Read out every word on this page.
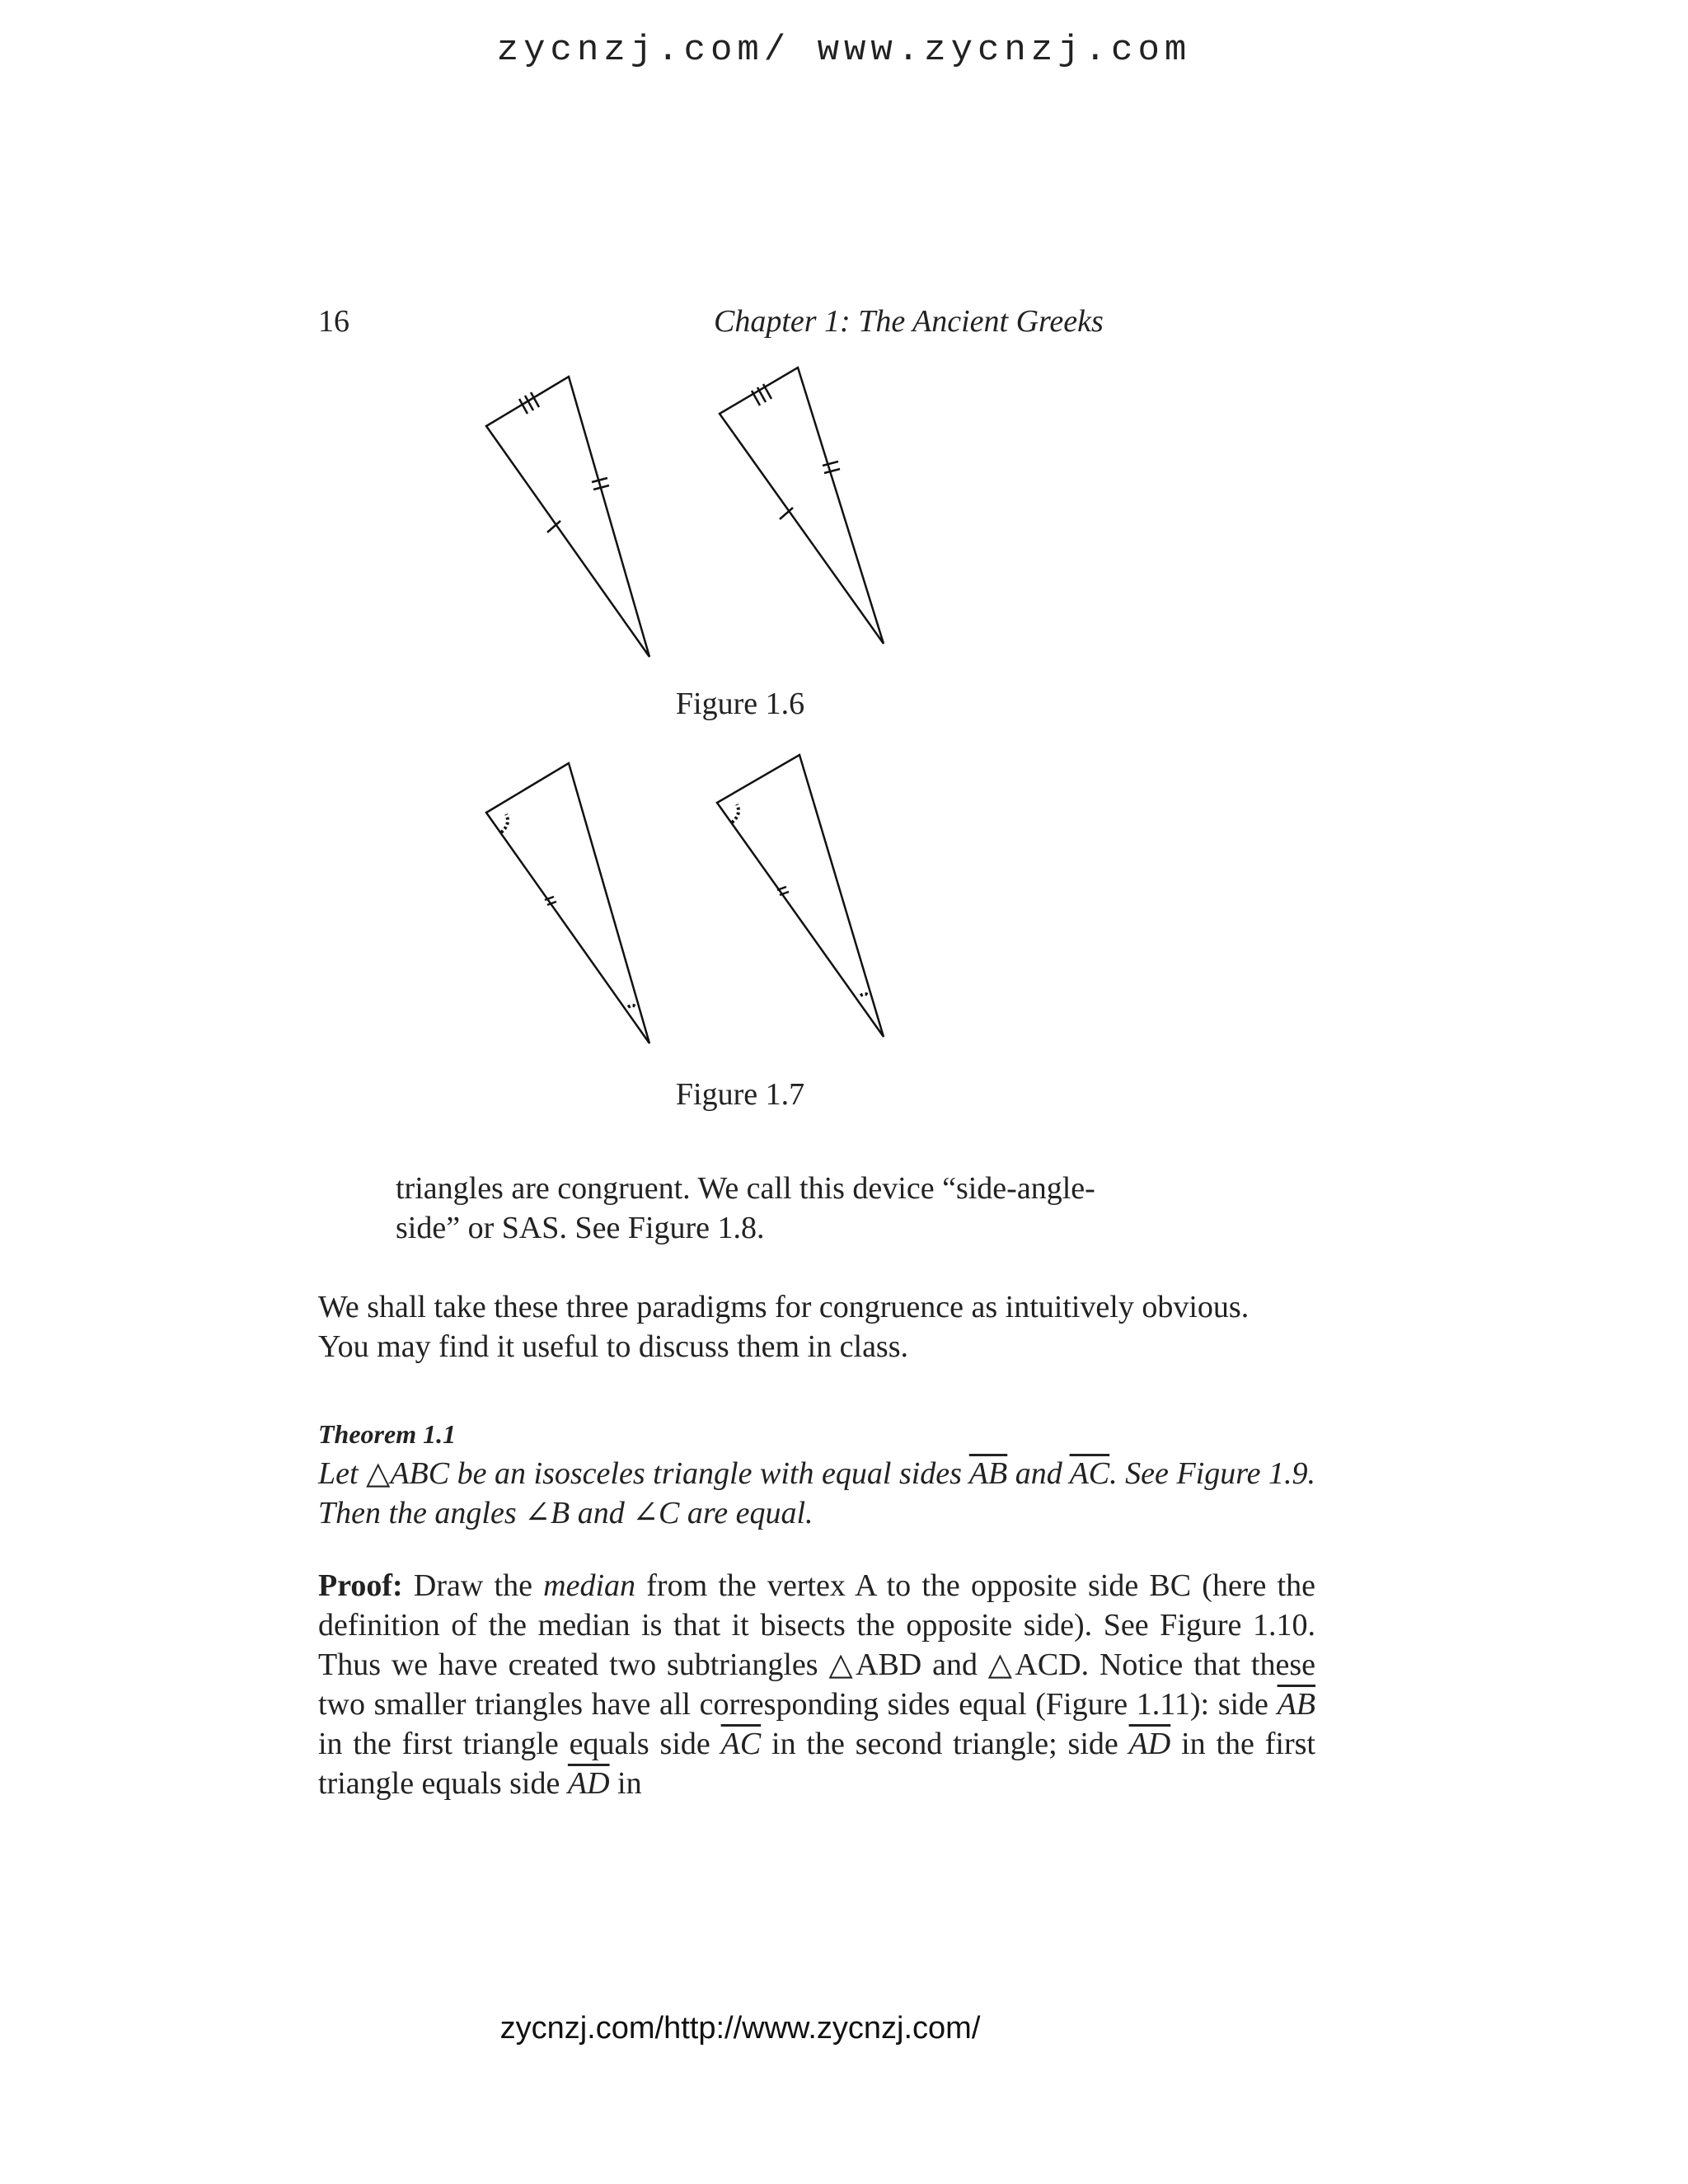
zycnzj.com/ www.zycnzj.com
16	Chapter 1: The Ancient Greeks
Figure 1.6
Figure 1.7
triangles are congruent. We call this device “side-angle-
side” or SAS. See Figure 1.8.
We shall take these three paradigms for congruence as intuitively obvious.
You may find it useful to discuss them in class.
Theorem 1.1
Let △ABC be an isosceles triangle with equal sides $\overline{AB}$ and $\overline{AC}$. See Figure 1.9. Then the angles ∠B and ∠C are equal.
Proof: Draw the median from the vertex A to the opposite side BC (here the definition of the median is that it bisects the opposite side). See Figure 1.10. Thus we have created two subtriangles △ABD and △ACD. Notice that these two smaller triangles have all corresponding sides equal (Figure 1.11): side $\overline{AB}$ in the first triangle equals side $\overline{AC}$ in the second triangle; side $\overline{AD}$ in the first triangle equals side $\overline{AD}$ in
zycnzj.com/http://www.zycnzj.com/
